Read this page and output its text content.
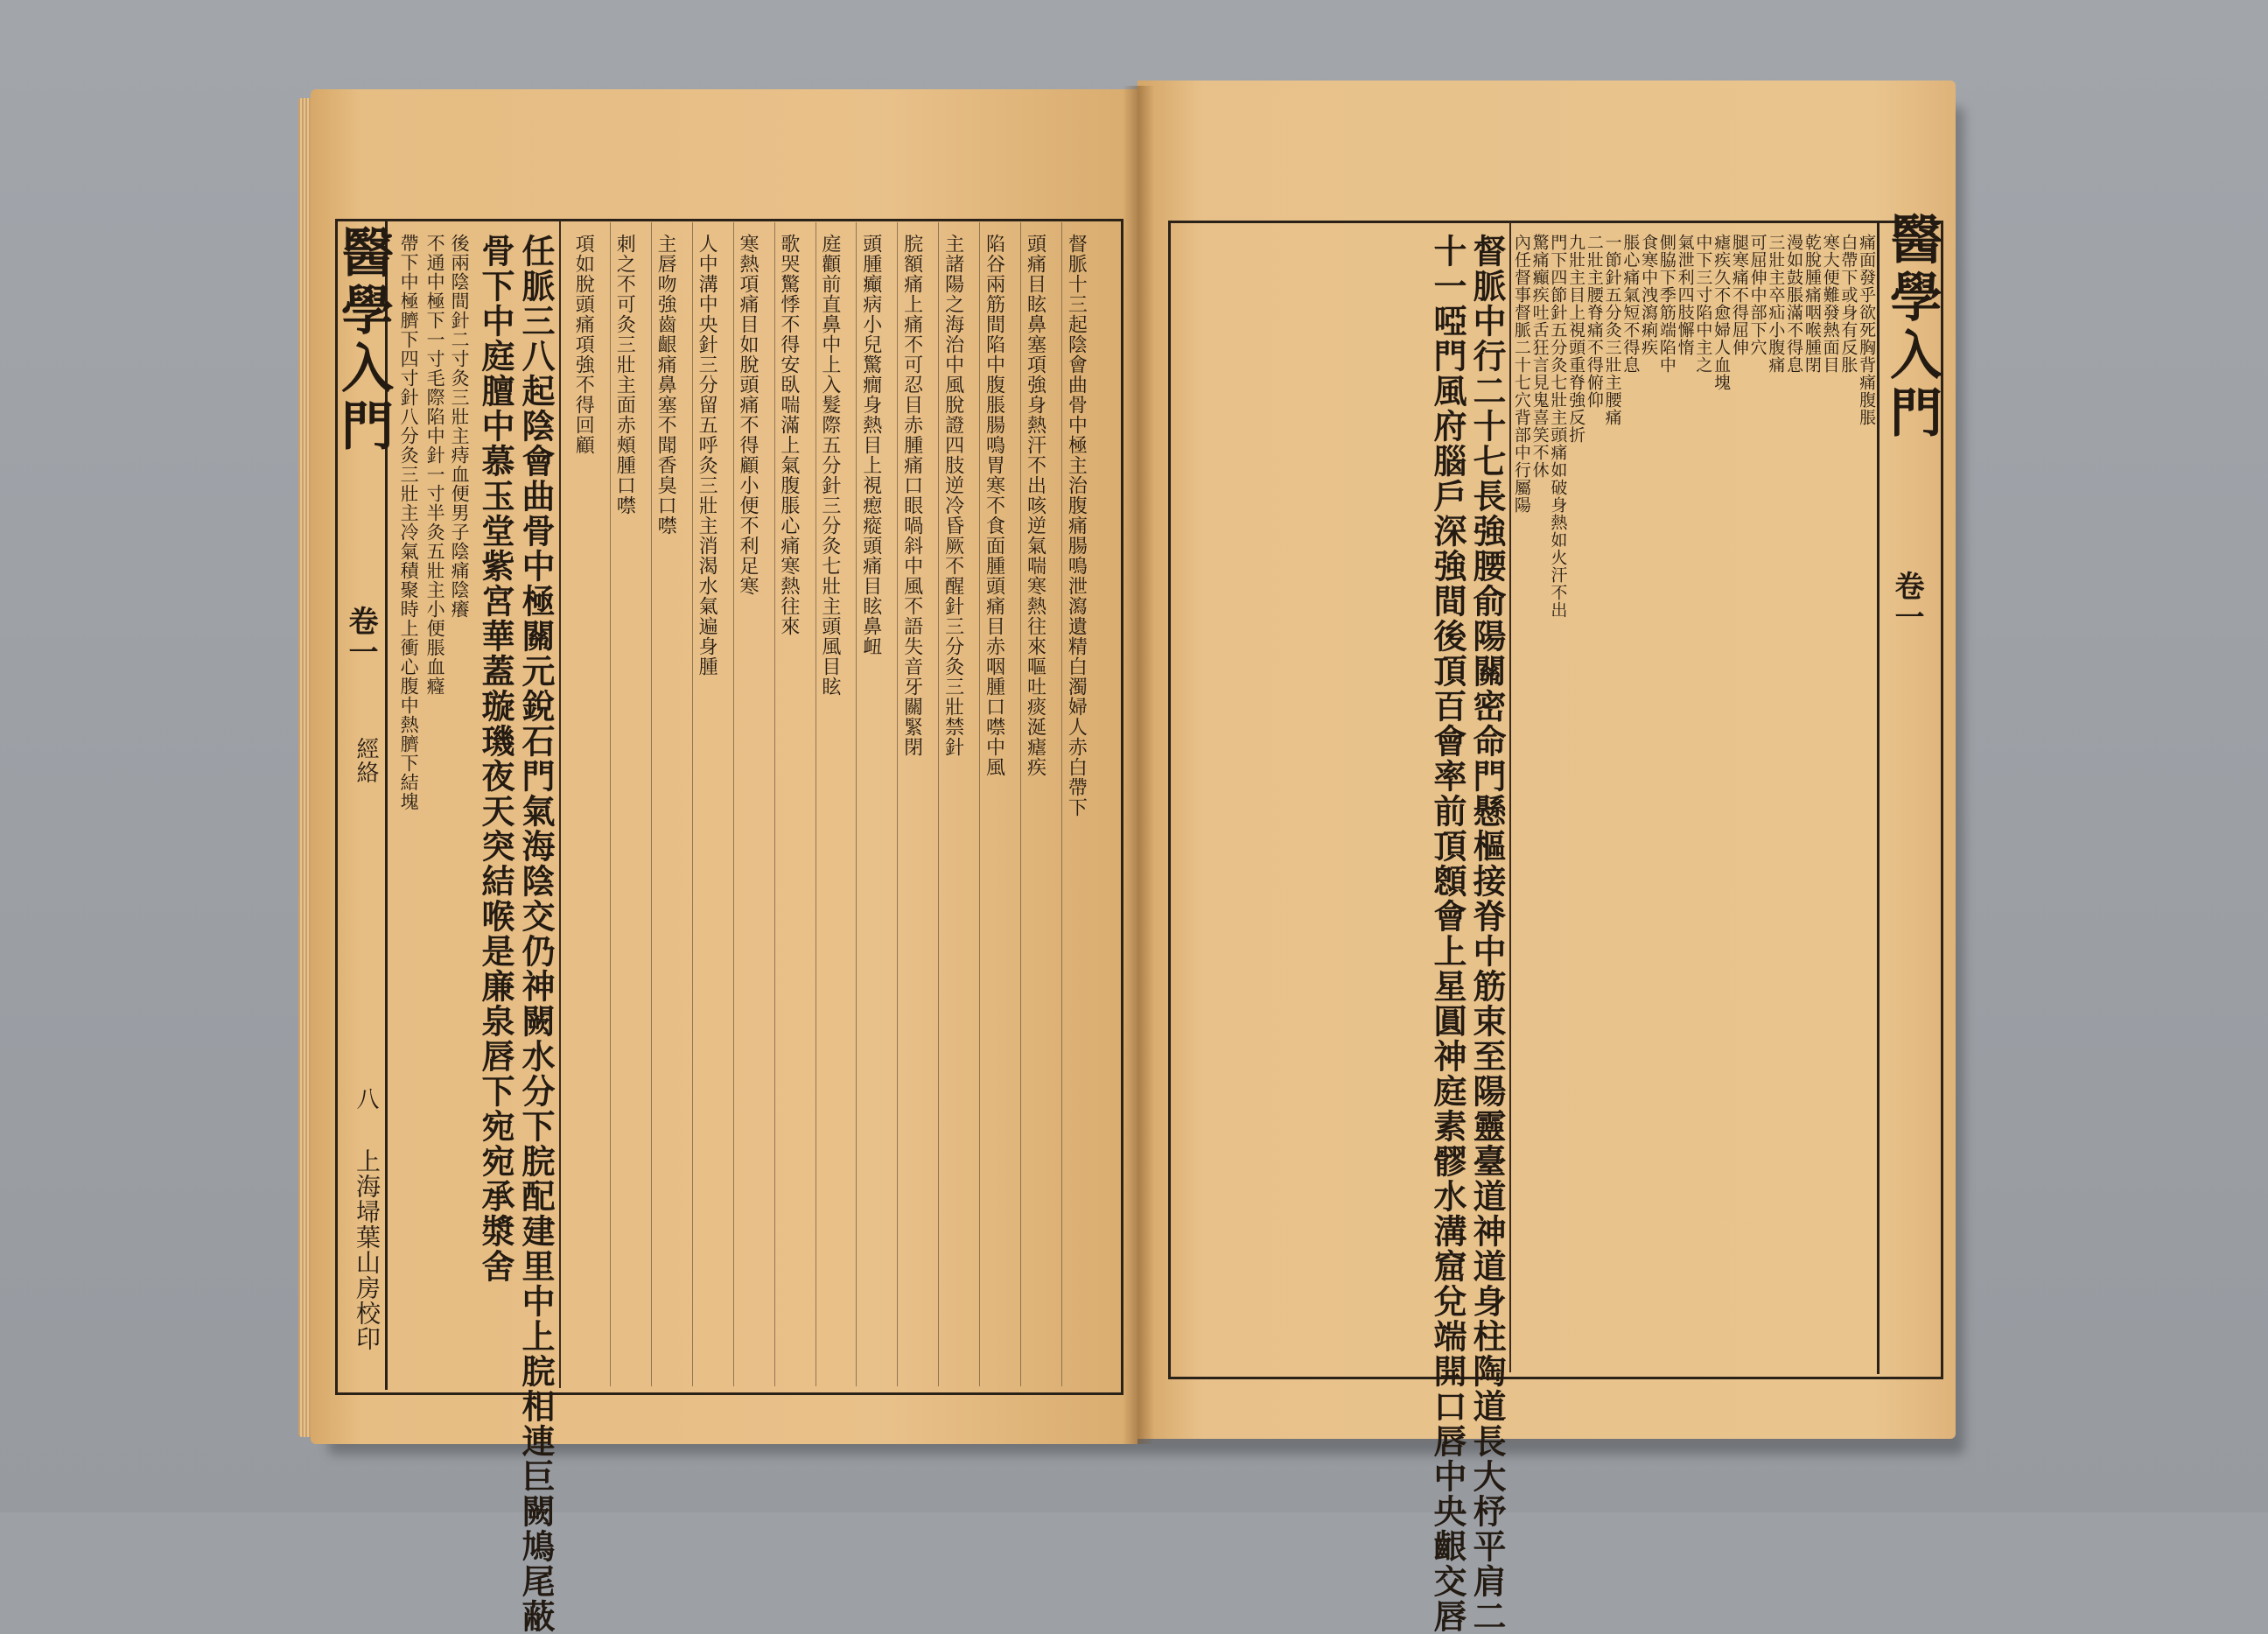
醫學入門
卷一
經絡
八
上海埽葉山房校印
帶下中極臍下四寸針八分灸三壯主冷氣積聚時上衝心腹中熱臍下結塊 不通中極下一寸毛際陷中針一寸半灸五壯主小便脹血癃 後兩陰間針二寸灸三壯主痔血便男子陰痛陰癢 骨下中庭膻中慕玉堂紫宮華蓋璇璣夜天突結喉是廉泉唇下宛宛承漿舍 任脈三八起陰會曲骨中極關元銳石門氣海陰交仍神闕水分下脘配建里中上脘相連巨闕鳩尾蔽	督脈十三起陰會曲骨中極主治腹痛腸鳴泄瀉遺精白濁婦人赤白帶下
頭痛目眩鼻塞項強身熱汗不出咳逆氣喘寒熱往來嘔吐痰涎瘧疾
陷谷兩筋間陷中腹脹腸鳴胃寒不食面腫頭痛目赤咽腫口噤中風
主諸陽之海治中風脫證四肢逆冷昏厥不醒針三分灸三壯禁針
脘額痛上痛不可忍目赤腫痛口眼喎斜中風不語失音牙關緊閉
頭腫癲病小兒驚癇身熱目上視瘛瘲頭痛目眩鼻衄
庭顴前直鼻中上入髮際五分針三分灸七壯主頭風目眩
歌哭驚悸不得安臥喘滿上氣腹脹心痛寒熱往來
寒熱項痛目如脫頭痛不得顧小便不利足寒
人中溝中央針三分留五呼灸三壯主消渴水氣遍身腫
主唇吻強齒齦痛鼻塞不聞香臭口噤
刺之不可灸三壯主面赤頰腫口噤
項如脫頭痛項強不得回顧	醫學入門
卷一
十一啞門風府腦戶深強間後頂百會率前頂顖會上星圓神庭素髎水溝窟兌端開口唇中央齦交唇 督脈中行二十七長強腰俞陽關密命門懸樞接脊中筋束至陽靈臺道神道身柱陶道長大杼平肩二 內任督事督脈二十七穴背部中行屬陽
驚痛癲疾吐舌狂言見鬼喜笑不休
門下四節針五分灸七壯主頭痛如破身熱如火汗不出
九壯主目上視頭重脊強反折
二壯主腰脊痛不得俯仰
一節針五分灸三壯主腰痛
脹心痛氣短不得息
食寒中洩瀉痢疾
側脇下季筋端陷中
氣泄利四肢懈惰
中下三寸陷中主之
瘧疾久不愈婦人血塊
腿寒痛不得屈伸
可屈伸中部下穴
三壯主卒疝小腹痛
漫如鼓脹滿不得息
乾脫腫痛咽喉腫閉
寒大便難發熱面目
白帶下或身有反胀
痛面發乎欲死胸背痛腹脹
